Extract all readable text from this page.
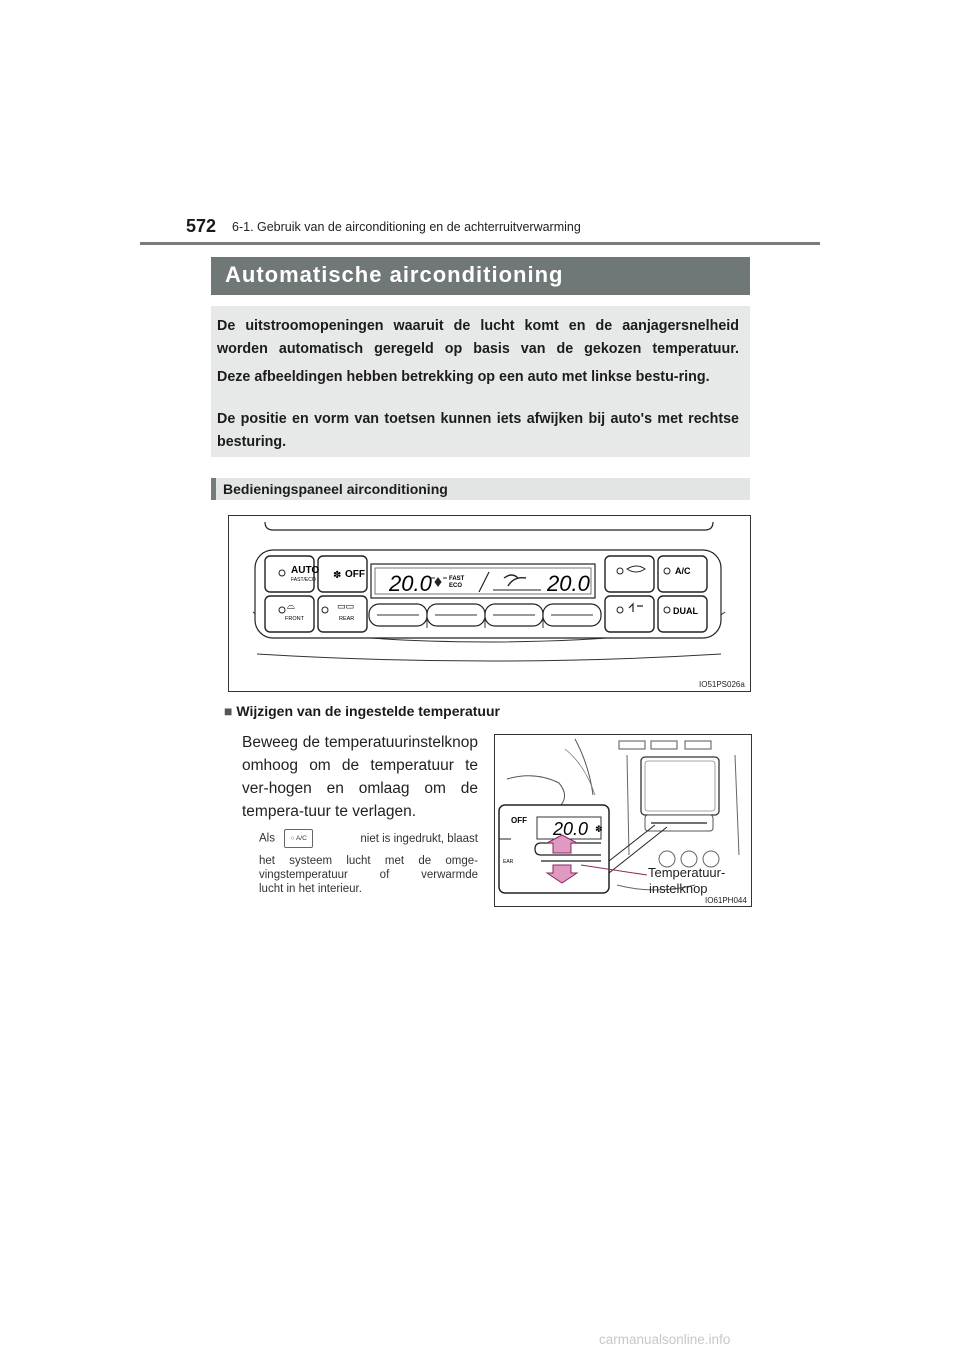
572 6-1. Gebruik van de airconditioning en de achterruitverwarming
Automatische airconditioning

De uitstroomopeningen waaruit de lucht komt en de aanjagersnelheid worden automatisch geregeld op basis van de gekozen temperatuur.

Deze afbeeldingen hebben betrekking op een auto met linkse bestu-ring.

De positie en vorm van toetsen kunnen iets afwijken bij auto's met rechtse besturing.

Bedieningspaneel airconditioning
AUTO
FAST/ECO	OFF
✽
⌓
FRONT
▭▭
REAR
A/C
DUAL
20.0	20.0
FAST
ECO
IO51PS026a
■ Wijzigen van de ingestelde temperatuur

Beweeg de temperatuurinstelknop omhoog om de temperatuur te ver-hogen en omlaag om de tempera-tuur te verlagen.

Als ○ A/C	niet is ingedrukt, blaast
het systeem lucht met de omge-
vingstemperatuur of verwarmde
lucht in het interieur.
OFF
EAR
20.0 ✽
Temperatuur-
instelknop
IO61PH044
carmanualsonline.info
